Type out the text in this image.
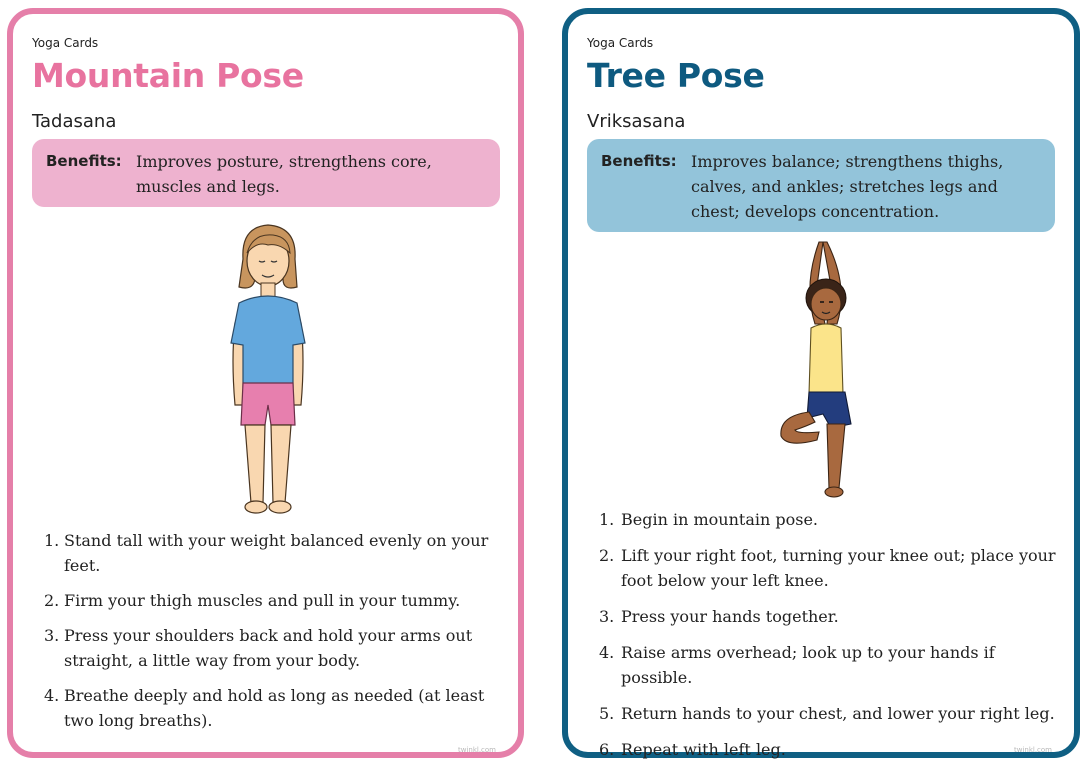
Yoga Cards
Mountain Pose
Tadasana
Benefits: Improves posture, strengthens core, muscles and legs.
1. Stand tall with your weight balanced evenly on your feet.
2. Firm your thigh muscles and pull in your tummy.
3. Press your shoulders back and hold your arms out straight, a little way from your body.
4. Breathe deeply and hold as long as needed (at least two long breaths).
twinkl.com
Yoga Cards
Tree Pose
Vriksasana
Benefits: Improves balance; strengthens thighs, calves, and ankles; stretches legs and chest; develops concentration.
1. Begin in mountain pose.
2. Lift your right foot, turning your knee out; place your foot below your left knee.
3. Press your hands together.
4. Raise arms overhead; look up to your hands if possible.
5. Return hands to your chest, and lower your right leg.
6. Repeat with left leg.	twinkl.com
